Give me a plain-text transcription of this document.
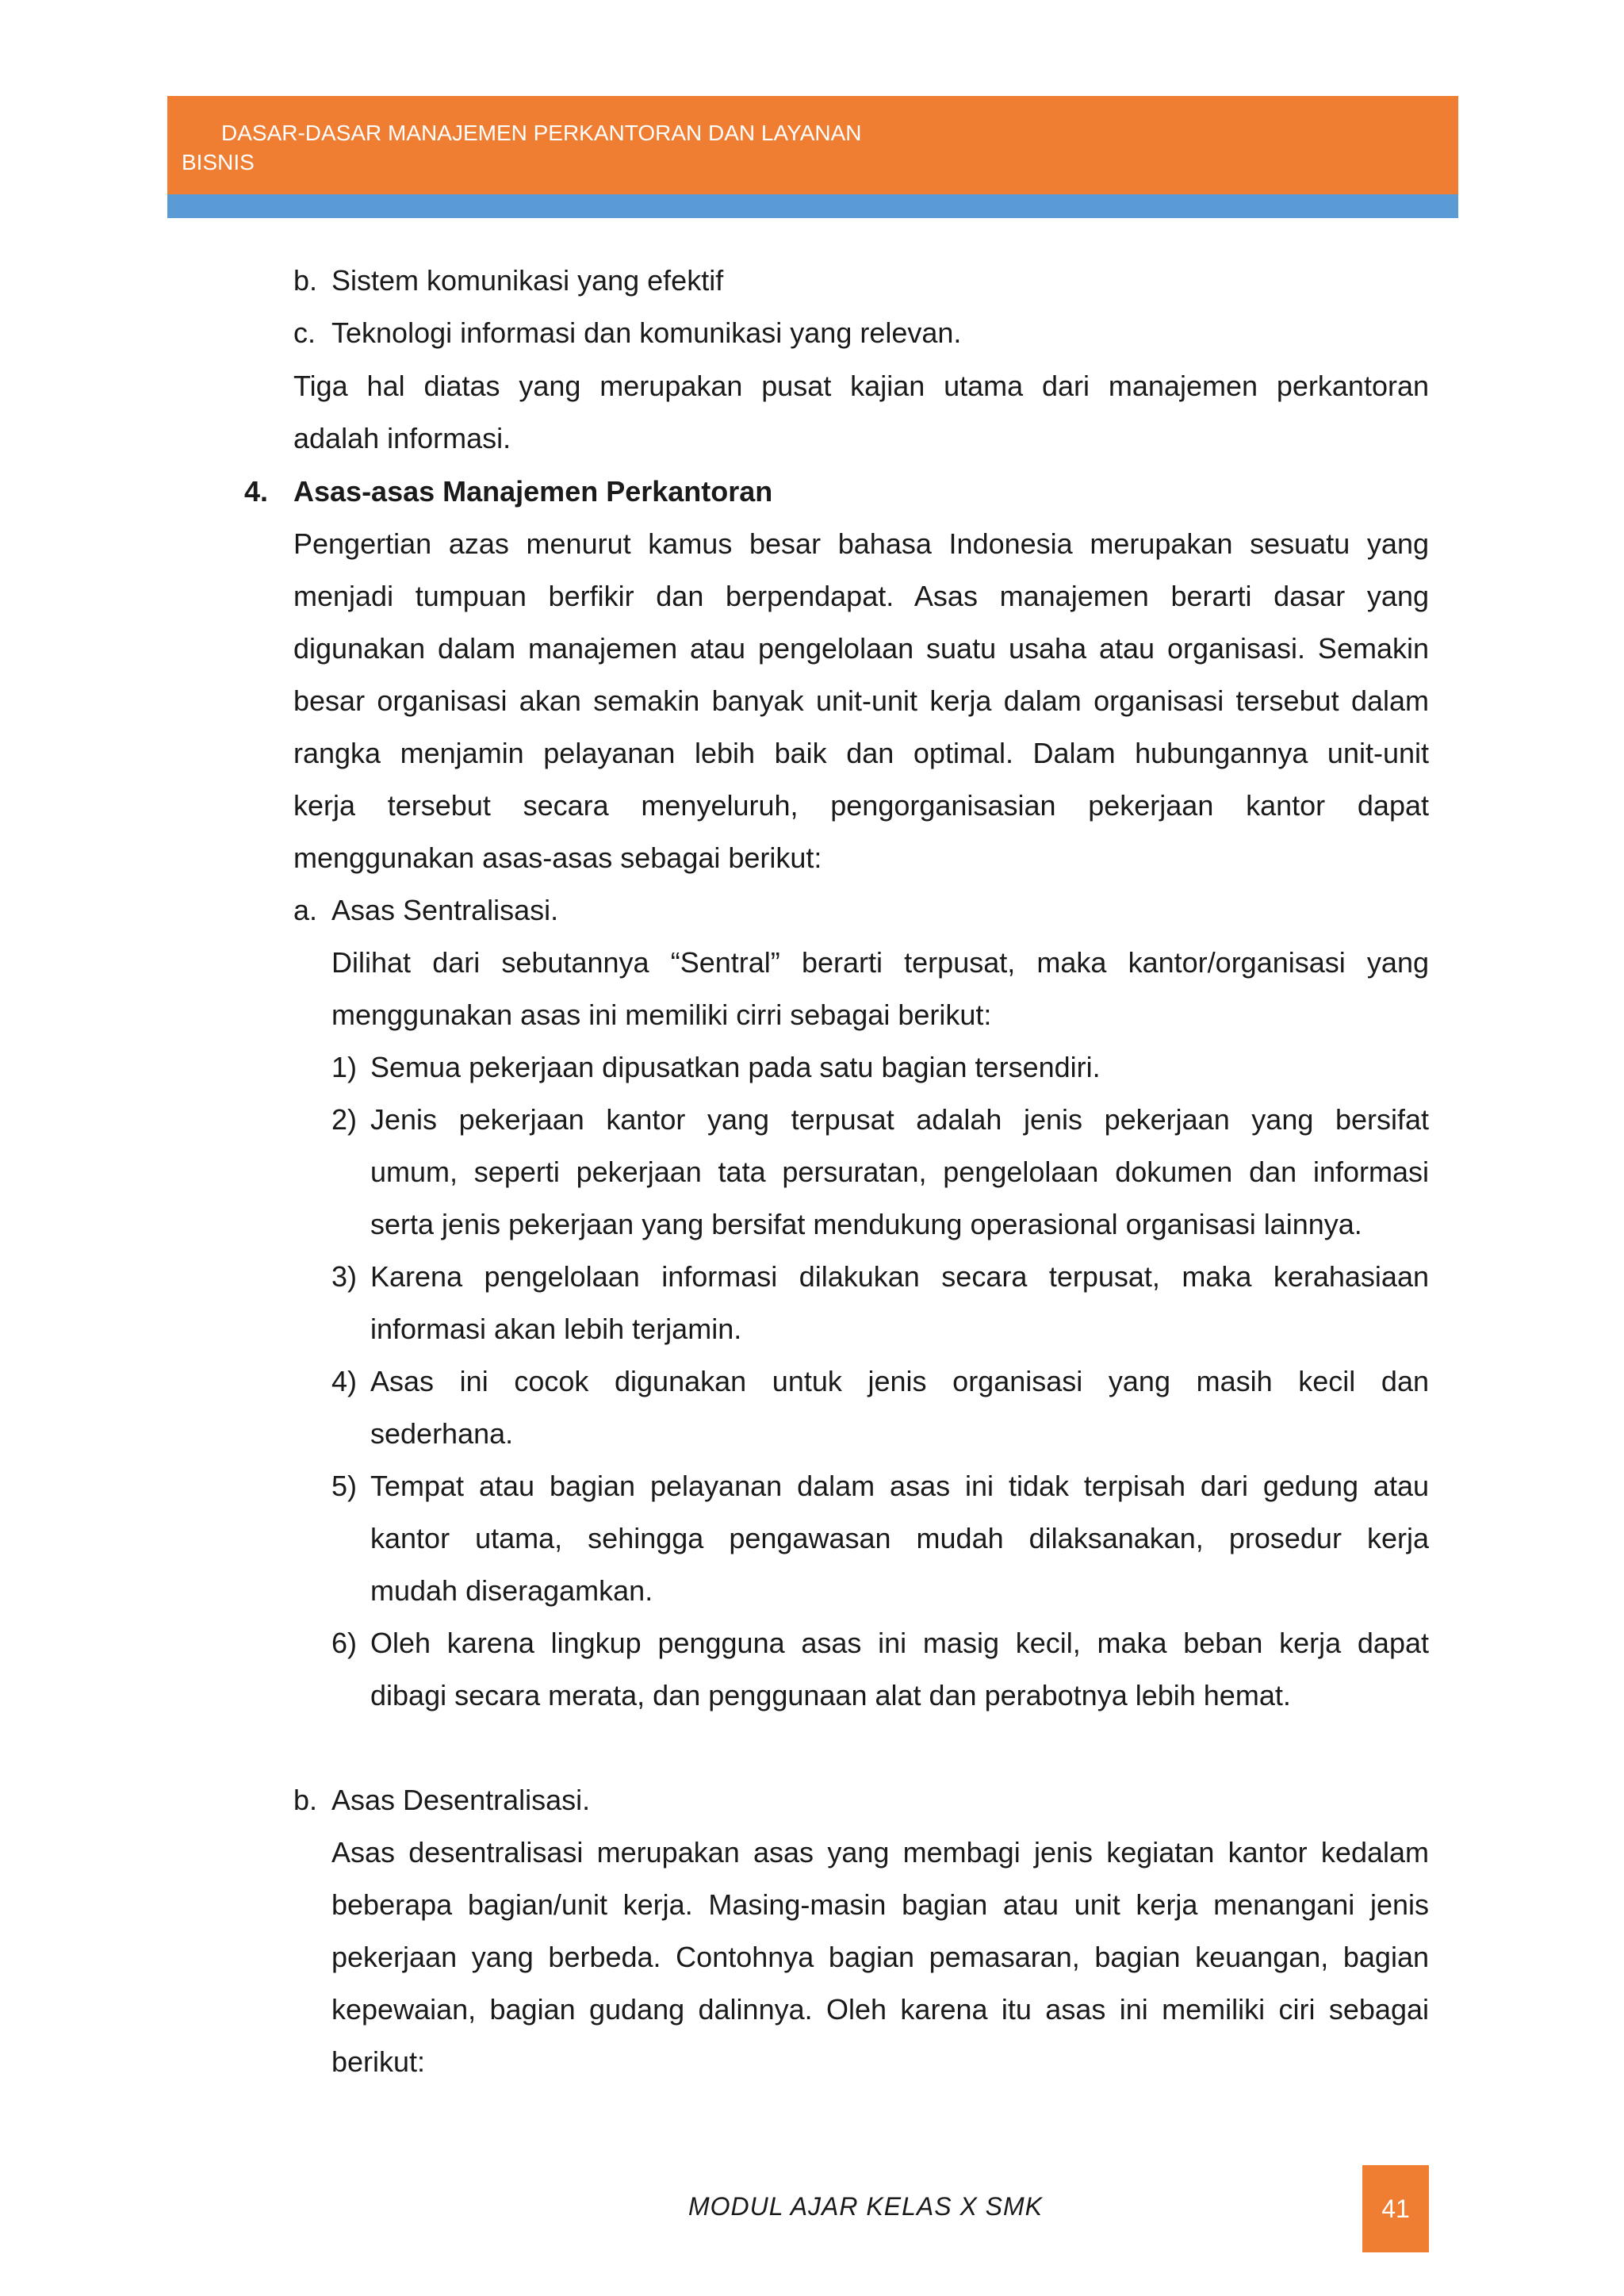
DASAR-DASAR MANAJEMEN PERKANTORAN DAN LAYANAN
BISNIS
b. Sistem komunikasi yang efektif
c. Teknologi informasi dan komunikasi yang relevan.
Tiga hal diatas yang merupakan pusat kajian utama dari manajemen perkantoran
adalah informasi.
4. Asas-asas Manajemen Perkantoran
Pengertian azas menurut kamus besar bahasa Indonesia merupakan sesuatu yang
menjadi tumpuan berfikir dan berpendapat. Asas manajemen berarti dasar yang
digunakan dalam manajemen atau pengelolaan suatu usaha atau organisasi. Semakin
besar organisasi akan semakin banyak unit-unit kerja dalam organisasi tersebut dalam
rangka menjamin pelayanan lebih baik dan optimal. Dalam hubungannya unit-unit
kerja tersebut secara menyeluruh, pengorganisasian pekerjaan kantor dapat
menggunakan asas-asas sebagai berikut:
a. Asas Sentralisasi.
Dilihat dari sebutannya “Sentral” berarti terpusat, maka kantor/organisasi yang
menggunakan asas ini memiliki cirri sebagai berikut:
1) Semua pekerjaan dipusatkan pada satu bagian tersendiri.
2) Jenis pekerjaan kantor yang terpusat adalah jenis pekerjaan yang bersifat
umum, seperti pekerjaan tata persuratan, pengelolaan dokumen dan informasi
serta jenis pekerjaan yang bersifat mendukung operasional organisasi lainnya.
3) Karena pengelolaan informasi dilakukan secara terpusat, maka kerahasiaan
informasi akan lebih terjamin.
4) Asas ini cocok digunakan untuk jenis organisasi yang masih kecil dan
sederhana.
5) Tempat atau bagian pelayanan dalam asas ini tidak terpisah dari gedung atau
kantor utama, sehingga pengawasan mudah dilaksanakan, prosedur kerja
mudah diseragamkan.
6) Oleh karena lingkup pengguna asas ini masig kecil, maka beban kerja dapat
dibagi secara merata, dan penggunaan alat dan perabotnya lebih hemat.
b. Asas Desentralisasi.
Asas desentralisasi merupakan asas yang membagi jenis kegiatan kantor kedalam
beberapa bagian/unit kerja. Masing-masin bagian atau unit kerja menangani jenis
pekerjaan yang berbeda. Contohnya bagian pemasaran, bagian keuangan, bagian
kepewaian, bagian gudang dalinnya. Oleh karena itu asas ini memiliki ciri sebagai
berikut:
MODUL AJAR KELAS X SMK	41
